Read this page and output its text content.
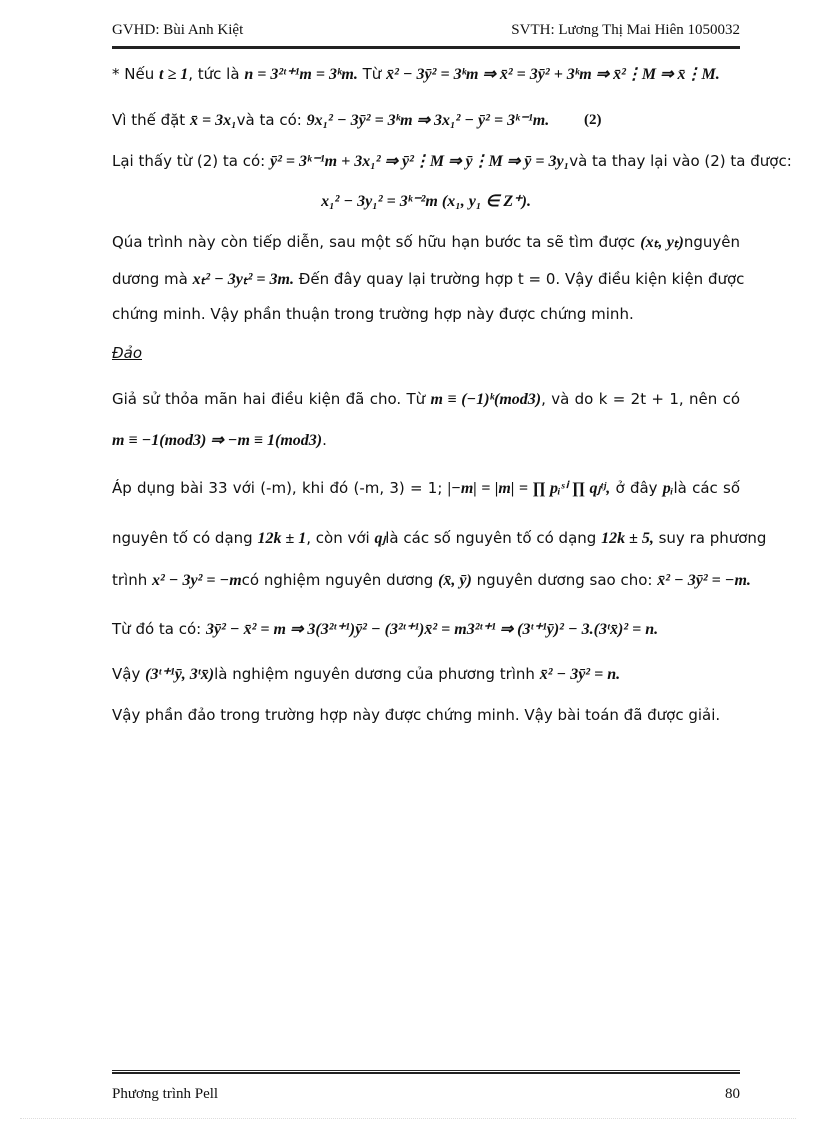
GVHD: Bùi Anh Kiệt	SVTH: Lương Thị Mai Hiên 1050032
* Nếu t ≥ 1, tức là n = 3²ᵗ⁺¹m = 3ᵏm. Từ x̄² − 3ȳ² = 3ᵏm ⇒ x̄² = 3ȳ² + 3ᵏm ⇒ x̄²⋮M ⇒ x̄⋮M.
Vì thế đặt x̄ = 3x₁và ta có: 9x₁² − 3ȳ² = 3ᵏm ⇒ 3x₁² − ȳ² = 3ᵏ⁻¹m. (2)
Lại thấy từ (2) ta có: ȳ² = 3ᵏ⁻¹m + 3x₁² ⇒ ȳ²⋮M ⇒ ȳ⋮M ⇒ ȳ = 3y₁và ta thay lại vào (2) ta được:
x₁² − 3y₁² = 3ᵏ⁻²m (x₁, y₁ ∈ Z⁺).
Qúa trình này còn tiếp diễn, sau một số hữu hạn bước ta sẽ tìm được (xₜ, yₜ)nguyên
dương mà xₜ² − 3yₜ² = 3m. Đến đây quay lại trường hợp t = 0. Vậy điều kiện kiện được
chứng minh. Vậy phần thuận trong trường hợp này được chứng minh.
Đảo
Giả sử thỏa mãn hai điều kiện đã cho. Từ m ≡ (−1)ᵏ(mod3), và do k = 2t + 1, nên có
m ≡ −1(mod3) ⇒ −m ≡ 1(mod3).
Áp dụng bài 33 với (-m), khi đó (-m, 3) = 1; |−m| = |m| = ∏ pᵢˢⁱ ∏ qⱼᵗʲ, ở đây pᵢlà các số
nguyên tố có dạng 12k ± 1, còn với qⱼlà các số nguyên tố có dạng 12k ± 5, suy ra phương
trình x² − 3y² = −mcó nghiệm nguyên dương (x̄, ȳ) nguyên dương sao cho: x̄² − 3ȳ² = −m.
Từ đó ta có: 3ȳ² − x̄² = m ⇒ 3(3²ᵗ⁺¹)ȳ² − (3²ᵗ⁺¹)x̄² = m3²ᵗ⁺¹ ⇒ (3ᵗ⁺¹ȳ)² − 3.(3ᵗx̄)² = n.
Vậy (3ᵗ⁺¹ȳ, 3ᵗx̄)là nghiệm nguyên dương của phương trình x̄² − 3ȳ² = n.
Vậy phần đảo trong trường hợp này được chứng minh. Vậy bài toán đã được giải.
Phương trình Pell	80
